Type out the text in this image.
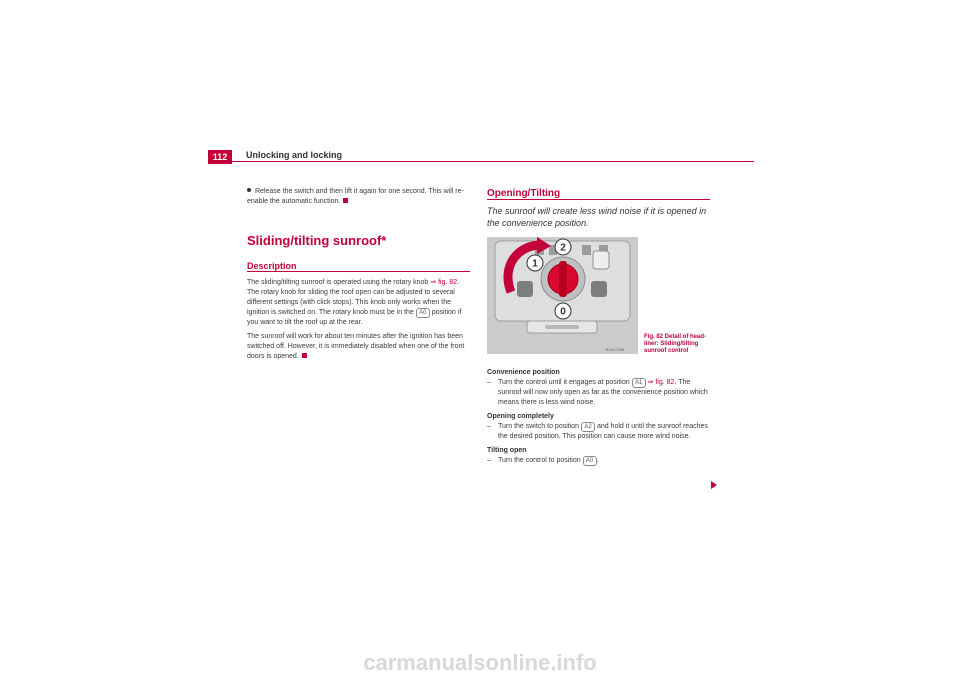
112	Unlocking and locking
Release the switch and then lift it again for one second. This will re-enable the automatic function.
Sliding/tilting sunroof*
Description

The sliding/tilting sunroof is operated using the rotary knob ⇒ fig. 82. The rotary knob for sliding the roof open can be adjusted to several different settings (with click stops). This knob only works when the ignition is switched on. The rotary knob must be in the A0 position if you want to tilt the roof up at the rear.

The sunroof will work for about ten minutes after the ignition has been switched off. However, it is immediately disabled when one of the front doors is opened.

Opening/Tilting
The sunroof will create less wind noise if it is opened in the convenience position.
2
1
0
B1M-0396
Fig. 82 Detail of head-liner: Sliding/tilting sunroof control
Convenience position
– Turn the control until it engages at position A1 ⇒ fig. 82. The sunroof will now only open as far as the convenience position which means there is less wind noise.
Opening completely
– Turn the switch to position A2 and hold it until the sunroof reaches the desired position. This position can cause more wind noise.
Tilting open
– Turn the control to position A0 .
carmanualsonline.info
